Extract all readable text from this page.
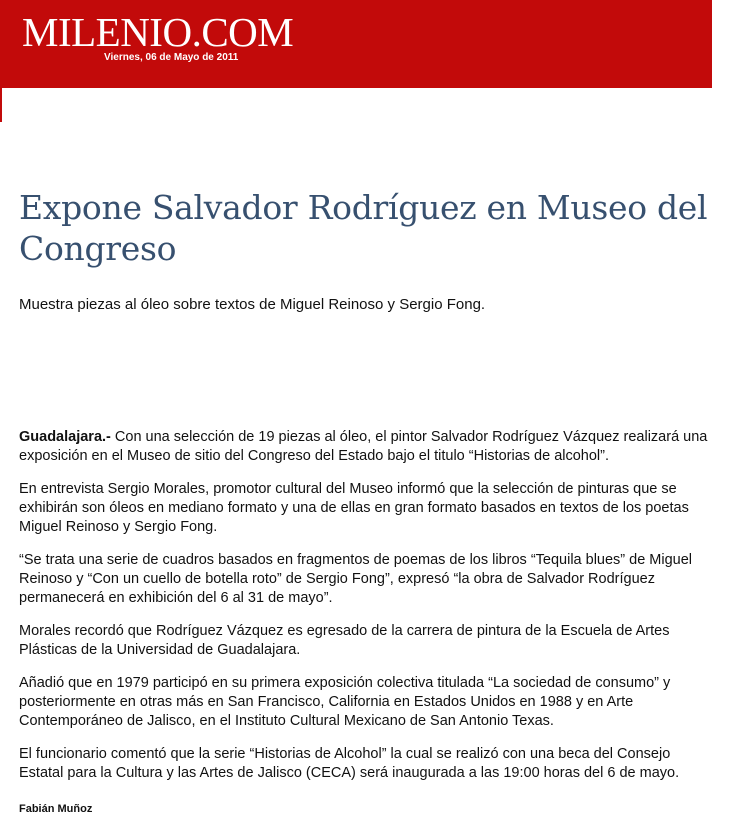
MILENIO.COM
Viernes, 06 de Mayo de 2011
Expone Salvador Rodríguez en Museo del Congreso

Muestra piezas al óleo sobre textos de Miguel Reinoso y Sergio Fong.

Guadalajara.- Con una selección de 19 piezas al óleo, el pintor Salvador Rodríguez Vázquez realizará una exposición en el Museo de sitio del Congreso del Estado bajo el titulo “Historias de alcohol”.

En entrevista Sergio Morales, promotor cultural del Museo informó que la selección de pinturas que se exhibirán son óleos en mediano formato y una de ellas en gran formato basados en textos de los poetas Miguel Reinoso y Sergio Fong.

“Se trata una serie de cuadros basados en fragmentos de poemas de los libros “Tequila blues” de Miguel Reinoso y “Con un cuello de botella roto” de Sergio Fong”, expresó “la obra de Salvador Rodríguez permanecerá en exhibición del 6 al 31 de mayo”.

Morales recordó que Rodríguez Vázquez es egresado de la carrera de pintura de la Escuela de Artes Plásticas de la Universidad de Guadalajara.

Añadió que en 1979 participó en su primera exposición colectiva titulada “La sociedad de consumo” y posteriormente en otras más en San Francisco, California en Estados Unidos en 1988 y en Arte Contemporáneo de Jalisco, en el Instituto Cultural Mexicano de San Antonio Texas.

El funcionario comentó que la serie “Historias de Alcohol” la cual se realizó con una beca del Consejo Estatal para la Cultura y las Artes de Jalisco (CECA) será inaugurada a las 19:00 horas del 6 de mayo.

Fabián Muñoz
